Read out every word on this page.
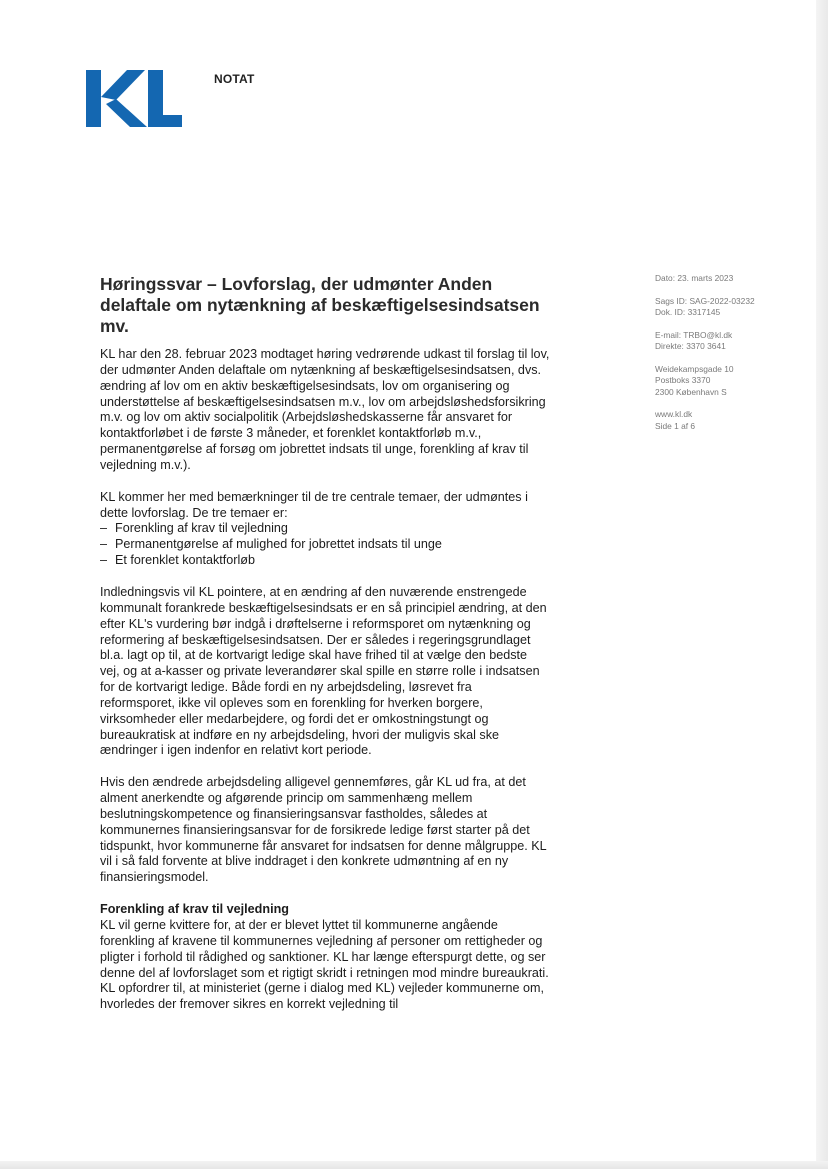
NOTAT
Høringssvar – Lovforslag, der udmønter Anden delaftale om nytænkning af beskæftigelsesindsatsen mv.
Dato: 23. marts 2023
Sags ID: SAG-2022-03232
Dok. ID: 3317145
E-mail: TRBO@kl.dk
Direkte: 3370 3641
Weidekampsgade 10
Postboks 3370
2300 København S
www.kl.dk
Side 1 af 6

KL har den 28. februar 2023 modtaget høring vedrørende udkast til forslag til lov, der udmønter Anden delaftale om nytænkning af beskæftigelsesindsatsen, dvs. ændring af lov om en aktiv beskæftigelsesindsats, lov om organisering og understøttelse af beskæftigelsesindsatsen m.v., lov om arbejdsløshedsforsikring m.v. og lov om aktiv socialpolitik (Arbejdsløshedskasserne får ansvaret for kontaktforløbet i de første 3 måneder, et forenklet kontaktforløb m.v., permanentgørelse af forsøg om jobrettet indsats til unge, forenkling af krav til vejledning m.v.).

KL kommer her med bemærkninger til de tre centrale temaer, der udmøntes i dette lovforslag. De tre temaer er:

– Forenkling af krav til vejledning
– Permanentgørelse af mulighed for jobrettet indsats til unge
– Et forenklet kontaktforløb

Indledningsvis vil KL pointere, at en ændring af den nuværende enstrengede kommunalt forankrede beskæftigelsesindsats er en så principiel ændring, at den efter KL's vurdering bør indgå i drøftelserne i reformsporet om nytænkning og reformering af beskæftigelsesindsatsen. Der er således i regeringsgrundlaget bl.a. lagt op til, at de kortvarigt ledige skal have frihed til at vælge den bedste vej, og at a-kasser og private leverandører skal spille en større rolle i indsatsen for de kortvarigt ledige. Både fordi en ny arbejdsdeling, løsrevet fra reformsporet, ikke vil opleves som en forenkling for hverken borgere, virksomheder eller medarbejdere, og fordi det er omkostningstungt og bureaukratisk at indføre en ny arbejdsdeling, hvori der muligvis skal ske ændringer i igen indenfor en relativt kort periode.

Hvis den ændrede arbejdsdeling alligevel gennemføres, går KL ud fra, at det alment anerkendte og afgørende princip om sammenhæng mellem beslutningskompetence og finansieringsansvar fastholdes, således at kommunernes finansieringsansvar for de forsikrede ledige først starter på det tidspunkt, hvor kommunerne får ansvaret for indsatsen for denne målgruppe. KL vil i så fald forvente at blive inddraget i den konkrete udmøntning af en ny finansieringsmodel.

Forenkling af krav til vejledning

KL vil gerne kvittere for, at der er blevet lyttet til kommunerne angående forenkling af kravene til kommunernes vejledning af personer om rettigheder og pligter i forhold til rådighed og sanktioner. KL har længe efterspurgt dette, og ser denne del af lovforslaget som et rigtigt skridt i retningen mod mindre bureaukrati. KL opfordrer til, at ministeriet (gerne i dialog med KL) vejleder kommunerne om, hvorledes der fremover sikres en korrekt vejledning til
